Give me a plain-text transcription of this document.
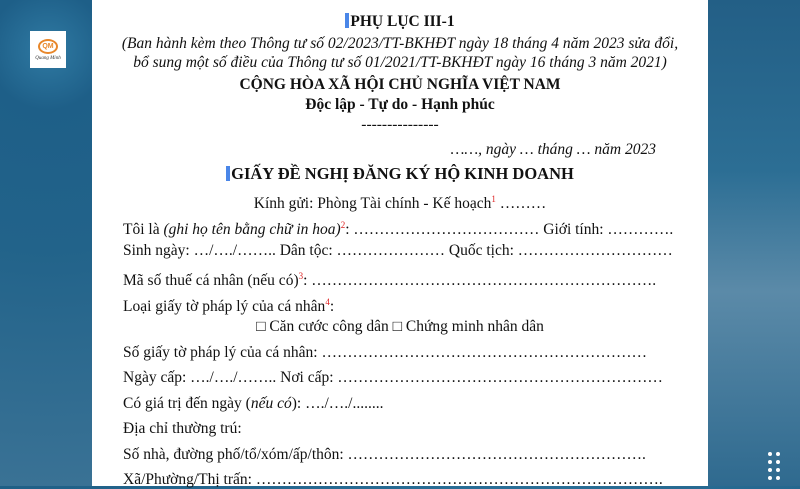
QM
Quang Minh
PHỤ LỤC III-1
(Ban hành kèm theo Thông tư số 02/2023/TT-BKHĐT ngày 18 tháng 4 năm 2023 sửa đổi,
bổ sung một số điều của Thông tư số 01/2021/TT-BKHĐT ngày 16 tháng 3 năm 2021)
CỘNG HÒA XÃ HỘI CHỦ NGHĨA VIỆT NAM
Độc lập - Tự do - Hạnh phúc
---------------
……, ngày … tháng … năm 2023
GIẤY ĐỀ NGHỊ ĐĂNG KÝ HỘ KINH DOANH
Kính gửi: Phòng Tài chính - Kế hoạch$^1$ ………
Tôi là (ghi họ tên bằng chữ in hoa)$^2$: ……………………………… Giới tính: ………….
Sinh ngày: …/…./…….. Dân tộc: ………………… Quốc tịch: …………………………
Mã số thuế cá nhân (nếu có)$^3$: ………………………………………………………….
Loại giấy tờ pháp lý của cá nhân$^4$:
□ Căn cước công dân □ Chứng minh nhân dân
Số giấy tờ pháp lý của cá nhân: ………………………………………………………
Ngày cấp: …./…./…….. Nơi cấp: ………………………………………………………
Có giá trị đến ngày (nếu có): …./…./........
Địa chỉ thường trú:
Số nhà, đường phố/tổ/xóm/ấp/thôn: ………………………………………………….
Xã/Phường/Thị trấn: …………………………………………………………………….
